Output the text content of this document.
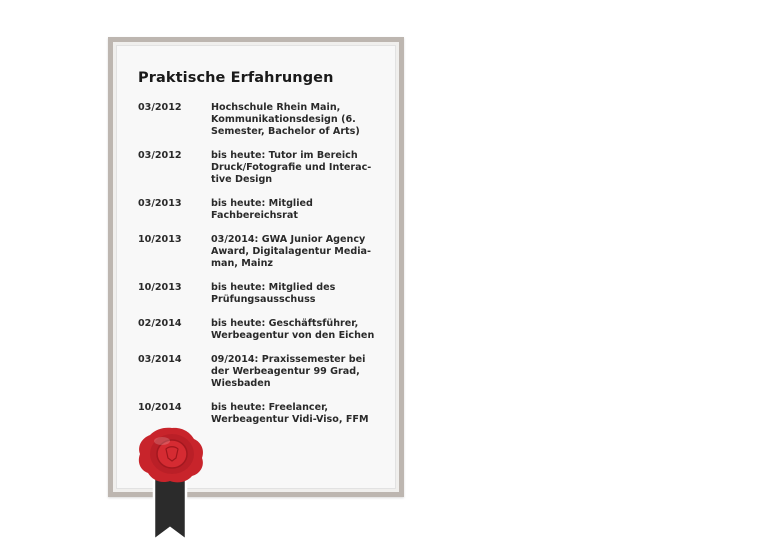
Praktische Erfahrungen
03/2012	Hochschule Rhein Main, Kommunikationsdesign (6. Semester, Bachelor of Arts)
03/2012	bis heute: Tutor im Bereich Druck/Fotografie und Interac-tive Design
03/2013	bis heute: Mitglied Fachbereichsrat
10/2013	03/2014: GWA Junior Agency Award, Digitalagentur Media-man, Mainz
10/2013	bis heute: Mitglied des Prüfungsausschuss
02/2014	bis heute: Geschäftsführer, Werbeagentur von den Eichen
03/2014	09/2014: Praxissemester bei der Werbeagentur 99 Grad, Wiesbaden
10/2014	bis heute: Freelancer, Werbeagentur Vidi-Viso, FFM
